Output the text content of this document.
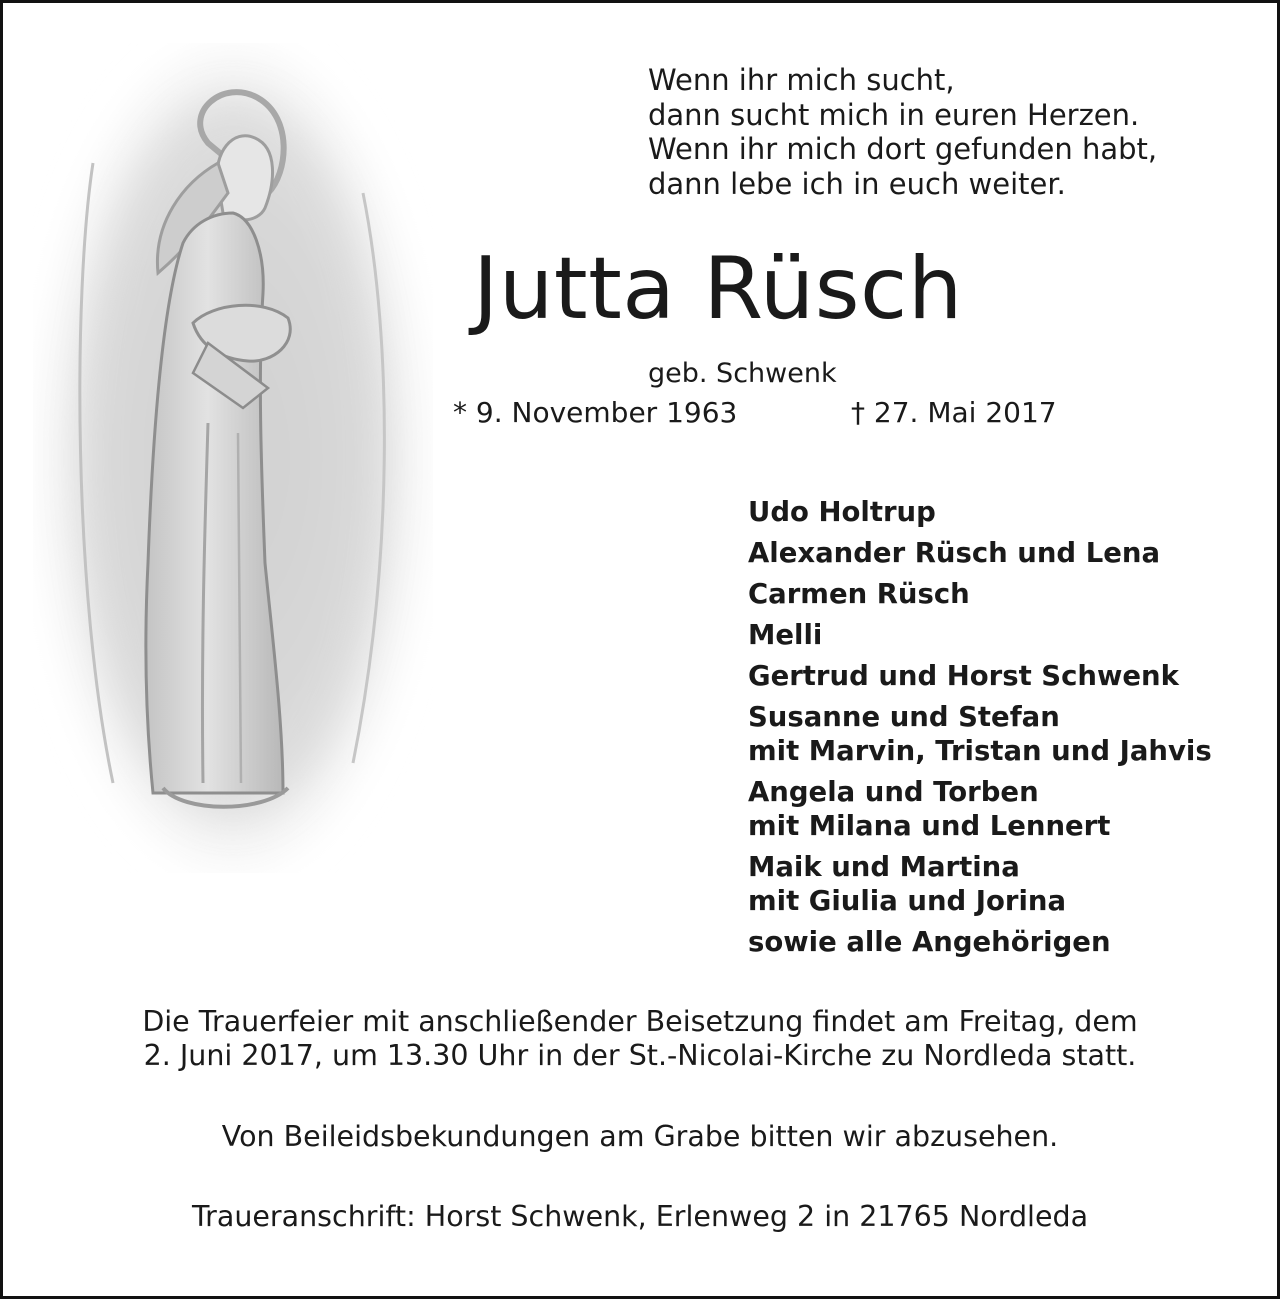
Wenn ihr mich sucht,
dann sucht mich in euren Herzen.
Wenn ihr mich dort gefunden habt,
dann lebe ich in euch weiter.
Jutta Rüsch
geb. Schwenk
* 9. November 1963	† 27. Mai 2017
Udo Holtrup
Alexander Rüsch und Lena
Carmen Rüsch
Melli
Gertrud und Horst Schwenk
Susanne und Stefan
mit Marvin, Tristan und Jahvis
Angela und Torben
mit Milana und Lennert
Maik und Martina
mit Giulia und Jorina
sowie alle Angehörigen
Die Trauerfeier mit anschließender Beisetzung findet am Freitag, dem
2. Juni 2017, um 13.30 Uhr in der St.-Nicolai-Kirche zu Nordleda statt.
Von Beileidsbekundungen am Grabe bitten wir abzusehen.
Traueranschrift: Horst Schwenk, Erlenweg 2 in 21765 Nordleda
